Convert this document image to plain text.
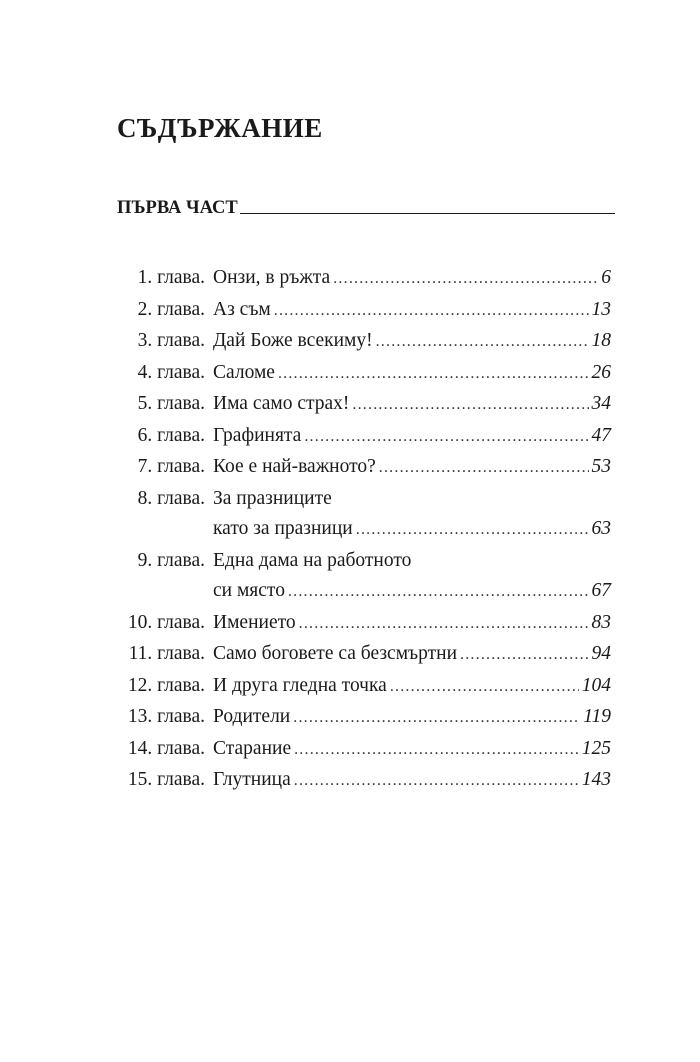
СЪДЪРЖАНИЕ
ПЪРВА ЧАСТ
1. глава. Онзи, в ръжта .....	6
2. глава. Аз съм .....	13
3. глава. Дай Боже всекиму! .....	18
4. глава. Саломе .....	26
5. глава. Има само страх! .....	34
6. глава. Графинята .....	47
7. глава. Кое е най-важното? .....	53
8. глава. За празниците
като за празници .....	63
9. глава. Една дама на работното
си място .....	67
10. глава. Имението .....	83
11. глава. Само боговете са безсмъртни .....	94
12. глава. И друга гледна точка .....	104
13. глава. Родители .....	119
14. глава. Старание .....	125
15. глава. Глутница .....	143
